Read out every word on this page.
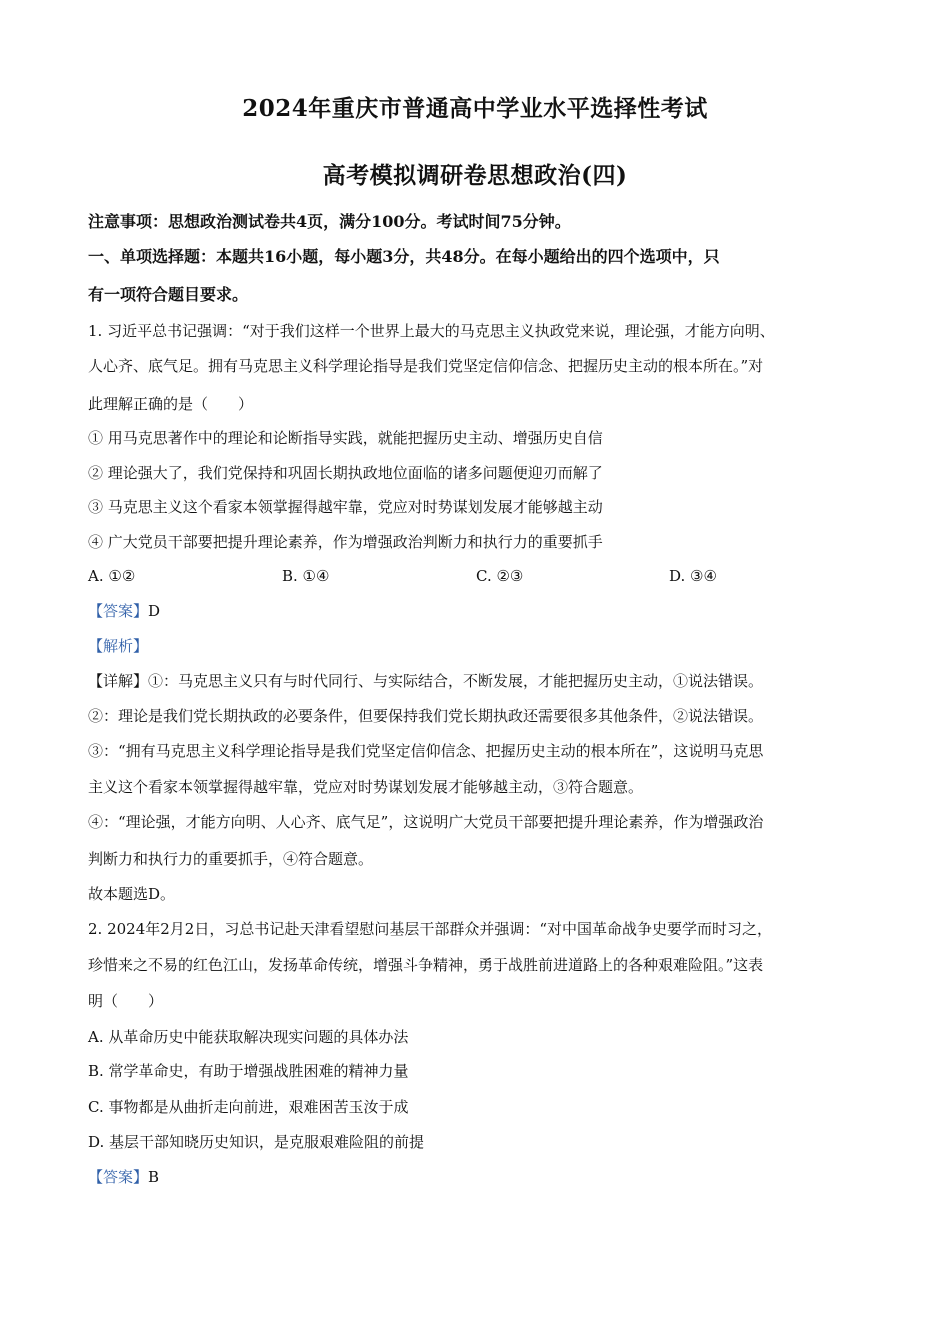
2024年重庆市普通高中学业水平选择性考试
高考模拟调研卷思想政治(四)
注意事项：思想政治测试卷共4页，满分100分。考试时间75分钟。
一、单项选择题：本题共16小题，每小题3分，共48分。在每小题给出的四个选项中，只
有一项符合题目要求。
1. 习近平总书记强调：“对于我们这样一个世界上最大的马克思主义执政党来说，理论强，才能方向明、
人心齐、底气足。拥有马克思主义科学理论指导是我们党坚定信仰信念、把握历史主动的根本所在。”对
此理解正确的是（　　）
① 用马克思著作中的理论和论断指导实践，就能把握历史主动、增强历史自信
② 理论强大了，我们党保持和巩固长期执政地位面临的诸多问题便迎刃而解了
③ 马克思主义这个看家本领掌握得越牢靠，党应对时势谋划发展才能够越主动
④ 广大党员干部要把提升理论素养，作为增强政治判断力和执行力的重要抓手
A. ①②	B. ①④	C. ②③	D. ③④
【答案】D
【解析】
【详解】①：马克思主义只有与时代同行、与实际结合，不断发展，才能把握历史主动，①说法错误。
②：理论是我们党长期执政的必要条件，但要保持我们党长期执政还需要很多其他条件，②说法错误。
③：“拥有马克思主义科学理论指导是我们党坚定信仰信念、把握历史主动的根本所在”，这说明马克思
主义这个看家本领掌握得越牢靠，党应对时势谋划发展才能够越主动，③符合题意。
④：“理论强，才能方向明、人心齐、底气足”，这说明广大党员干部要把提升理论素养，作为增强政治
判断力和执行力的重要抓手，④符合题意。
故本题选D。
2. 2024年2月2日，习总书记赴天津看望慰问基层干部群众并强调：“对中国革命战争史要学而时习之，
珍惜来之不易的红色江山，发扬革命传统，增强斗争精神，勇于战胜前进道路上的各种艰难险阻。”这表
明（　　）
A. 从革命历史中能获取解决现实问题的具体办法
B. 常学革命史，有助于增强战胜困难的精神力量
C. 事物都是从曲折走向前进，艰难困苦玉汝于成
D. 基层干部知晓历史知识，是克服艰难险阻的前提
【答案】B
